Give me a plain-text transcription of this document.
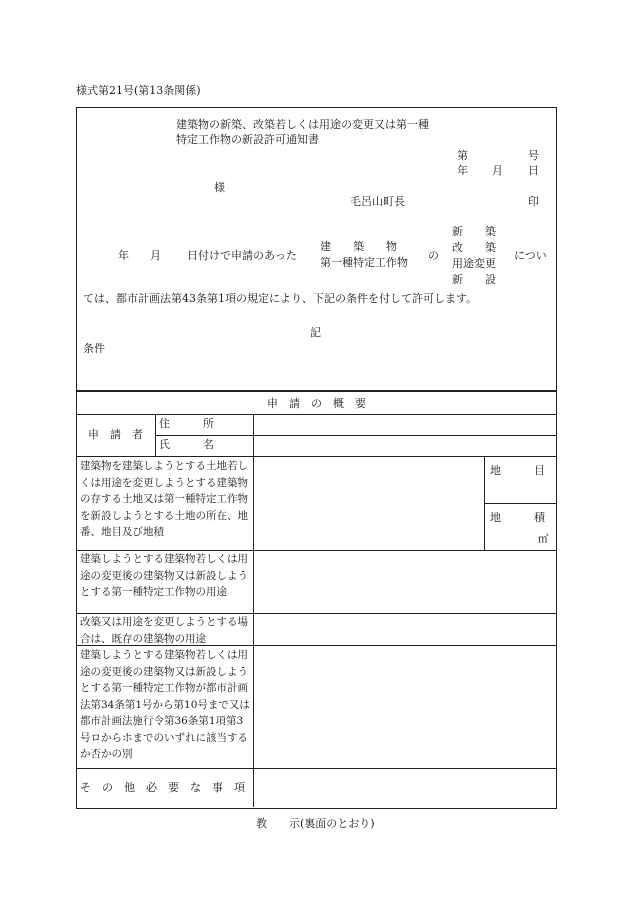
様式第21号(第13条関係)
建築物の新築、改築若しくは用途の変更又は第一種
特定工作物の新設許可通知書
第	号
年 月 日
様
毛呂山町長	印
年 月 日付けで申請のあった
建　　築　　物
第一種特定工作物
の
新　　築
改　　築
用途変更
新　　設
につい
ては、都市計画法第43条第1項の規定により、下記の条件を付して許可します。
記
条件
申　請　の　概　要
申　請　者
住　　　所
氏　　　名
建築物を建築しようとする土地若しくは用途を変更しようとする建築物の存する土地又は第一種特定工作物を新設しようとする土地の所在、地番、地目及び地積
地　　　目
地　　　積
㎡
建築しようとする建築物若しくは用途の変更後の建築物又は新設しようとする第一種特定工作物の用途
改築又は用途を変更しようとする場合は、既存の建築物の用途
建築しようとする建築物若しくは用途の変更後の建築物又は新設しようとする第一種特定工作物が都市計画法第34条第1号から第10号まで又は都市計画法施行令第36条第1項第3号ロからホまでのいずれに該当するか否かの別
そ　の　他　必　要　な　事　項
教　　示(裏面のとおり)
